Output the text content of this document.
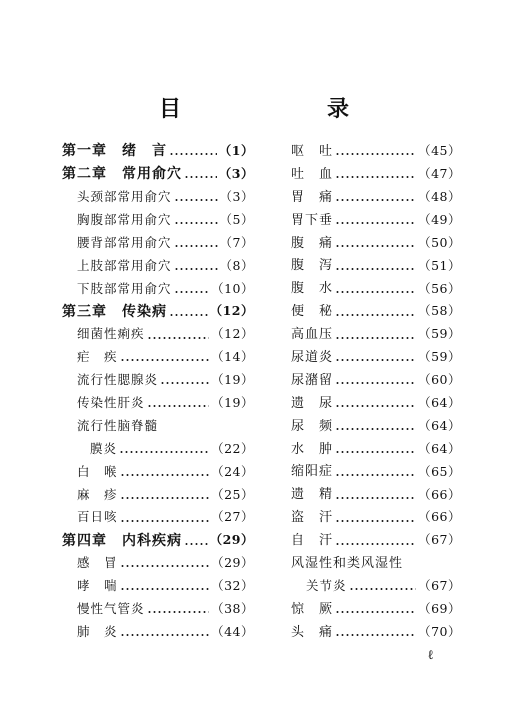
目　录
第一章　绪　言	（1）
第二章　常用俞穴	（3）
头颈部常用俞穴	（3）
胸腹部常用俞穴	（5）
腰背部常用俞穴	（7）
上肢部常用俞穴	（8）
下肢部常用俞穴	（10）
第三章　传染病	（12）
细菌性痢疾	（12）
疟　疾	（14）
流行性腮腺炎	（19）
传染性肝炎	（19）
流行性脑脊髓
膜炎	（22）
白　喉	（24）
麻　疹	（25）
百日咳	（27）
第四章　内科疾病 （29）
感　冒	（29）
哮　喘	（32）
慢性气管炎	（38）
肺　炎	（44）
呕　吐	（45）
吐　血	（47）
胃　痛	（48）
胃下垂	（49）
腹　痛	（50）
腹　泻	（51）
腹　水	（56）
便　秘	（58）
高血压	（59）
尿道炎	（59）
尿潴留	（60）
遗　尿	（64）
尿　频	（64）
水　肿	（64）
缩阳症	（65）
遗　精	（66）
盗　汗	（66）
自　汗	（67）
风湿性和类风湿性
关节炎	（67）
惊　厥	（69）
头　痛	（70）
ℓ
